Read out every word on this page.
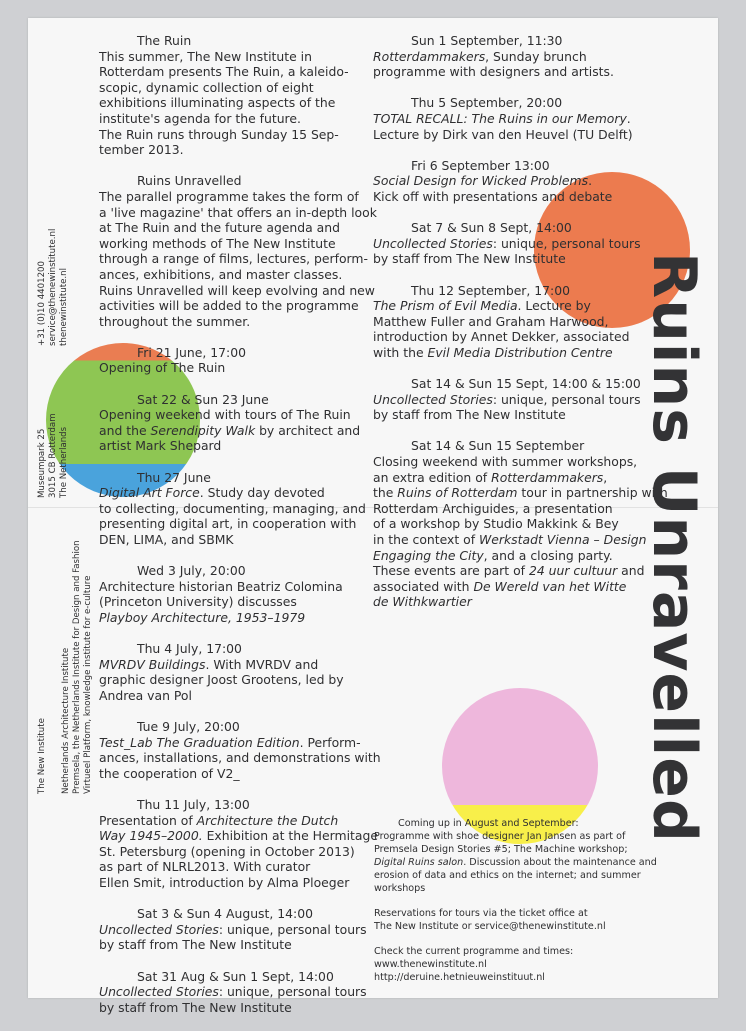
The Ruin
This summer, The New Institute in
Rotterdam presents The Ruin, a kaleido-
scopic, dynamic collection of eight
exhibitions illuminating aspects of the
institute's agenda for the future.
The Ruin runs through Sunday 15 Sep-
tember 2013.
Ruins Unravelled
The parallel programme takes the form of
a 'live magazine' that offers an in-depth look
at The Ruin and the future agenda and
working methods of The New Institute
through a range of films, lectures, perform-
ances, exhibitions, and master classes.
Ruins Unravelled will keep evolving and new
activities will be added to the programme
throughout the summer.
Fri 21 June, 17:00
Opening of The Ruin
Sat 22 & Sun 23 June
Opening weekend with tours of The Ruin
and the Serendipity Walk by architect and
artist Mark Shepard
Thu 27 June
Digital Art Force. Study day devoted
to collecting, documenting, managing, and
presenting digital art, in cooperation with
DEN, LIMA, and SBMK
Wed 3 July, 20:00
Architecture historian Beatriz Colomina
(Princeton University) discusses
Playboy Architecture, 1953–1979
Thu 4 July, 17:00
MVRDV Buildings. With MVRDV and
graphic designer Joost Grootens, led by
Andrea van Pol
Tue 9 July, 20:00
Test_Lab The Graduation Edition. Perform-
ances, installations, and demonstrations with
the cooperation of V2_
Thu 11 July, 13:00
Presentation of Architecture the Dutch
Way 1945–2000. Exhibition at the Hermitage
St. Petersburg (opening in October 2013)
as part of NLRL2013. With curator
Ellen Smit, introduction by Alma Ploeger
Sat 3 & Sun 4 August, 14:00
Uncollected Stories: unique, personal tours
by staff from The New Institute
Sat 31 Aug & Sun 1 Sept, 14:00
Uncollected Stories: unique, personal tours
by staff from The New Institute
Sun 1 September, 11:30
Rotterdammakers, Sunday brunch
programme with designers and artists.
Thu 5 September, 20:00
TOTAL RECALL: The Ruins in our Memory.
Lecture by Dirk van den Heuvel (TU Delft)
Fri 6 September 13:00
Social Design for Wicked Problems.
Kick off with presentations and debate
Sat 7 & Sun 8 Sept, 14:00
Uncollected Stories: unique, personal tours
by staff from The New Institute
Thu 12 September, 17:00
The Prism of Evil Media. Lecture by
Matthew Fuller and Graham Harwood,
introduction by Annet Dekker, associated
with the Evil Media Distribution Centre
Sat 14 & Sun 15 Sept, 14:00 & 15:00
Uncollected Stories: unique, personal tours
by staff from The New Institute
Sat 14 & Sun 15 September
Closing weekend with summer workshops,
an extra edition of Rotterdammakers,
the Ruins of Rotterdam tour in partnership with
Rotterdam Archiguides, a presentation
of a workshop by Studio Makkink & Bey
in the context of Werkstadt Vienna – Design
Engaging the City, and a closing party.
These events are part of 24 uur cultuur and
associated with De Wereld van het Witte
de Withkwartier
Coming up in August and September:
Programme with shoe designer Jan Jansen as part of
Premsela Design Stories #5; The Machine workshop;
Digital Ruins salon. Discussion about the maintenance and
erosion of data and ethics on the internet; and summer
workshops
Reservations for tours via the ticket office at
The New Institute or service@thenewinstitute.nl
Check the current programme and times:
www.thenewinstitute.nl
http://deruine.hetnieuweinstituut.nl
+31 (0)10 4401200 service@thenewinstitute.nl thenewinstitute.nl
Museumpark 25 3015 CB Rotterdam The Netherlands
The New Institute Netherlands Architecture Institute Premsela, the Netherlands Institute for Design and Fashion Virtueel Platform, knowledge institute for e-culture	Ruins Unravelled
